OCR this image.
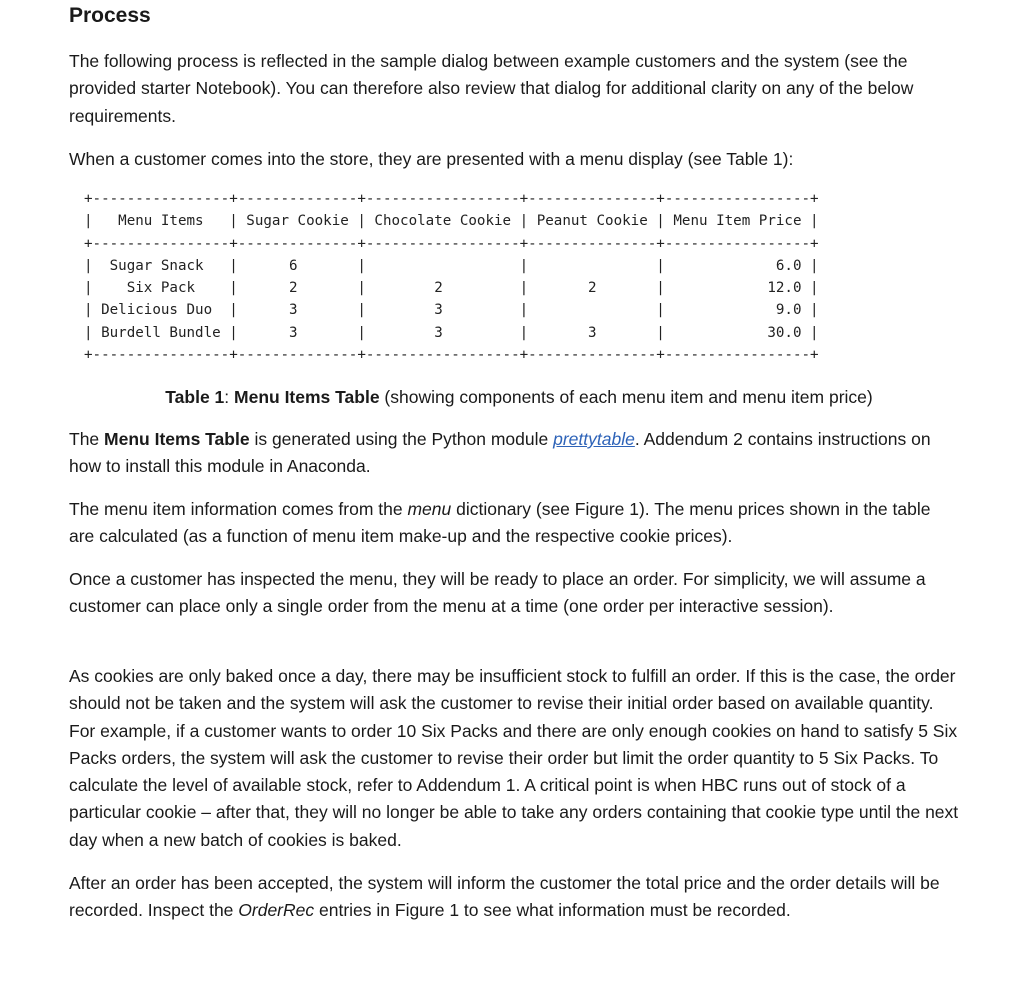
Process

The following process is reflected in the sample dialog between example customers and the system (see the provided starter Notebook). You can therefore also review that dialog for additional clarity on any of the below requirements.

When a customer comes into the store, they are presented with a menu display (see Table 1):

Table 1: Menu Items Table (showing components of each menu item and menu item price)

The Menu Items Table is generated using the Python module prettytable. Addendum 2 contains instructions on how to install this module in Anaconda.

The menu item information comes from the menu dictionary (see Figure 1). The menu prices shown in the table are calculated (as a function of menu item make-up and the respective cookie prices).

Once a customer has inspected the menu, they will be ready to place an order. For simplicity, we will assume a customer can place only a single order from the menu at a time (one order per interactive session).

As cookies are only baked once a day, there may be insufficient stock to fulfill an order. If this is the case, the order should not be taken and the system will ask the customer to revise their initial order based on available quantity. For example, if a customer wants to order 10 Six Packs and there are only enough cookies on hand to satisfy 5 Six Packs orders, the system will ask the customer to revise their order but limit the order quantity to 5 Six Packs. To calculate the level of available stock, refer to Addendum 1. A critical point is when HBC runs out of stock of a particular cookie – after that, they will no longer be able to take any orders containing that cookie type until the next day when a new batch of cookies is baked.

After an order has been accepted, the system will inform the customer the total price and the order details will be recorded. Inspect the OrderRec entries in Figure 1 to see what information must be recorded.

+----------------+--------------+------------------+---------------+-----------------+
|   Menu Items   | Sugar Cookie | Chocolate Cookie | Peanut Cookie | Menu Item Price |
+----------------+--------------+------------------+---------------+-----------------+
|  Sugar Snack   |      6       |                  |               |             6.0 |
|    Six Pack    |      2       |        2         |       2       |            12.0 |
| Delicious Duo  |      3       |        3         |               |             9.0 |
| Burdell Bundle |      3       |        3         |       3       |            30.0 |
+----------------+--------------+------------------+---------------+-----------------+
